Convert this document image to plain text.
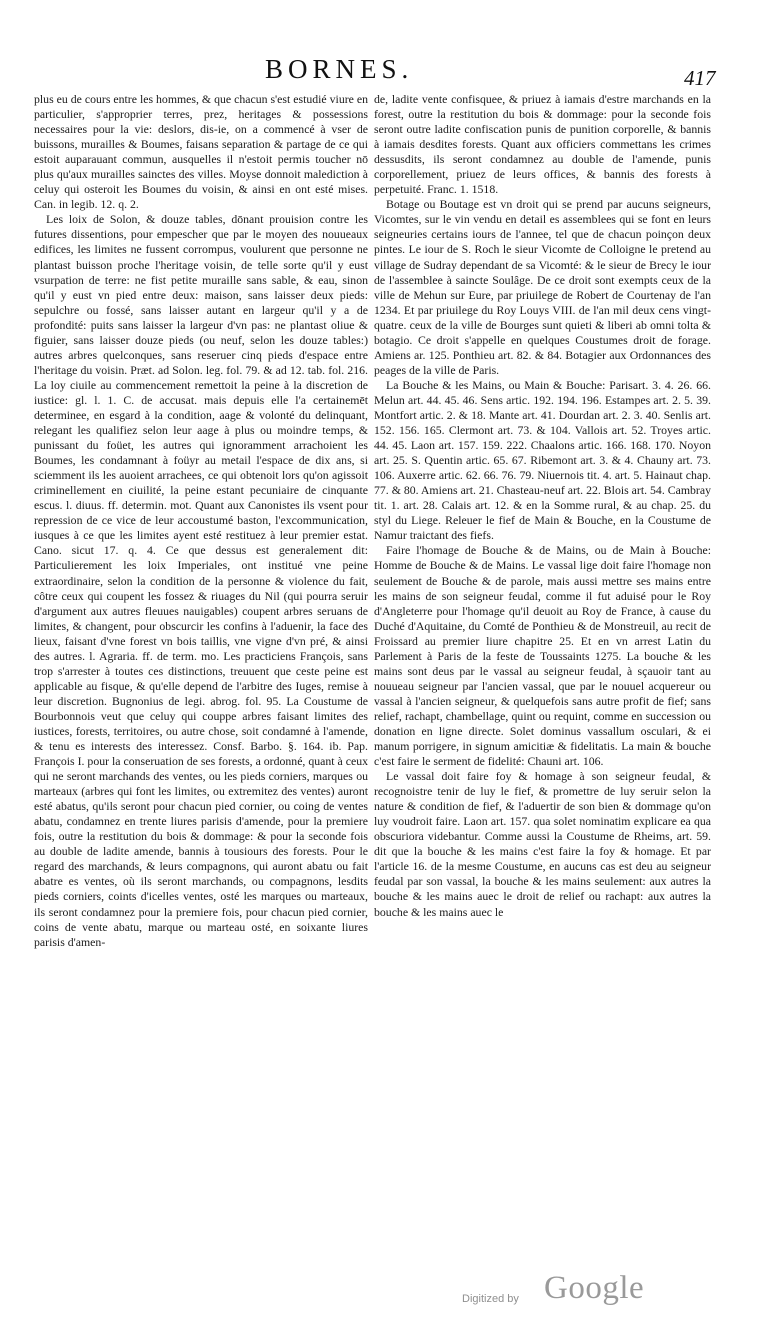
BORNES.	417

plus eu de cours entre les hommes, & que chacun s'est estudié viure en particulier, s'approprier terres, prez, heritages & possessions necessaires pour la vie: deslors, dis-ie, on a commencé à vser de buissons, murailles & Boumes, faisans separation & partage de ce qui estoit auparauant commun, ausquelles il n'estoit permis toucher nō plus qu'aux murailles sainctes des villes. Moyse donnoit malediction à celuy qui osteroit les Boumes du voisin, & ainsi en ont esté mises. Can. in legib. 12. q. 2.

Les loix de Solon, & douze tables, dōnant prouision contre les futures dissentions, pour empescher que par le moyen des nouueaux edifices, les limites ne fussent corrompus, voulurent que personne ne plantast buisson proche l'heritage voisin, de telle sorte qu'il y eust vsurpation de terre: ne fist petite muraille sans sable, & eau, sinon qu'il y eust vn pied entre deux: maison, sans laisser deux pieds: sepulchre ou fossé, sans laisser autant en largeur qu'il y a de profondité: puits sans laisser la largeur d'vn pas: ne plantast oliue & figuier, sans laisser douze pieds (ou neuf, selon les douze tables:) autres arbres quelconques, sans reseruer cinq pieds d'espace entre l'heritage du voisin. Præt. ad Solon. leg. fol. 79. & ad 12. tab. fol. 216. La loy ciuile au commencement remettoit la peine à la discretion de iustice: gl. l. 1. C. de accusat. mais depuis elle l'a certainemēt determinee, en esgard à la condition, aage & volonté du delinquant, relegant les qualifiez selon leur aage à plus ou moindre temps, & punissant du foüet, les autres qui ignoramment arrachoient les Boumes, les condamnant à foüyr au metail l'espace de dix ans, si sciemment ils les auoient arrachees, ce qui obtenoit lors qu'on agissoit criminellement en ciuilité, la peine estant pecuniaire de cinquante escus. l. diuus. ff. determin. mot. Quant aux Canonistes ils vsent pour repression de ce vice de leur accoustumé baston, l'excommunication, iusques à ce que les limites ayent esté restituez à leur premier estat. Cano. sicut 17. q. 4. Ce que dessus est generalement dit: Particulierement les loix Imperiales, ont institué vne peine extraordinaire, selon la condition de la personne & violence du fait, côtre ceux qui coupent les fossez & riuages du Nil (qui pourra seruir d'argument aux autres fleuues nauigables) coupent arbres seruans de limites, & changent, pour obscurcir les confins à l'aduenir, la face des lieux, faisant d'vne forest vn bois taillis, vne vigne d'vn pré, & ainsi des autres. l. Agraria. ff. de term. mo. Les practiciens François, sans trop s'arrester à toutes ces distinctions, treuuent que ceste peine est applicable au fisque, & qu'elle depend de l'arbitre des Iuges, remise à leur discretion. Bugnonius de legi. abrog. fol. 95. La Coustume de Bourbonnois veut que celuy qui couppe arbres faisant limites des iustices, forests, territoires, ou autre chose, soit condamné à l'amende, & tenu es interests des interessez. Consf. Barbo. §. 164. ib. Pap. François I. pour la conseruation de ses forests, a ordonné, quant à ceux qui ne seront marchands des ventes, ou les pieds corniers, marques ou marteaux (arbres qui font les limites, ou extremitez des ventes) auront esté abatus, qu'ils seront pour chacun pied cornier, ou coing de ventes abatu, condamnez en trente liures parisis d'amende, pour la premiere fois, outre la restitution du bois & dommage: & pour la seconde fois au double de ladite amende, bannis à tousiours des forests. Pour le regard des marchands, & leurs compagnons, qui auront abatu ou fait abatre es ventes, où ils seront marchands, ou compagnons, lesdits pieds corniers, coints d'icelles ventes, osté les marques ou marteaux, ils seront condamnez pour la premiere fois, pour chacun pied cornier, coins de vente abatu, marque ou marteau osté, en soixante liures parisis d'amen-

de, ladite vente confisquee, & priuez à iamais d'estre marchands en la forest, outre la restitution du bois & dommage: pour la seconde fois seront outre ladite confiscation punis de punition corporelle, & bannis à iamais desdites forests. Quant aux officiers commettans les crimes dessusdits, ils seront condamnez au double de l'amende, punis corporellement, priuez de leurs offices, & bannis des forests à perpetuité. Franc. 1. 1518.

Botage ou Boutage est vn droit qui se prend par aucuns seigneurs, Vicomtes, sur le vin vendu en detail es assemblees qui se font en leurs seigneuries certains iours de l'annee, tel que de chacun poinçon deux pintes. Le iour de S. Roch le sieur Vicomte de Colloigne le pretend au village de Sudray dependant de sa Vicomté: & le sieur de Brecy le iour de l'assemblee à saincte Soulâge. De ce droit sont exempts ceux de la ville de Mehun sur Eure, par priuilege de Robert de Courtenay de l'an 1234. Et par priuilege du Roy Louys VIII. de l'an mil deux cens vingt-quatre. ceux de la ville de Bourges sunt quieti & liberi ab omni tolta & botagio. Ce droit s'appelle en quelques Coustumes droit de forage. Amiens ar. 125. Ponthieu art. 82. & 84. Botagier aux Ordonnances des peages de la ville de Paris.

La Bouche & les Mains, ou Main & Bouche: Parisart. 3. 4. 26. 66. Melun art. 44. 45. 46. Sens artic. 192. 194. 196. Estampes art. 2. 5. 39. Montfort artic. 2. & 18. Mante art. 41. Dourdan art. 2. 3. 40. Senlis art. 152. 156. 165. Clermont art. 73. & 104. Vallois art. 52. Troyes artic. 44. 45. Laon art. 157. 159. 222. Chaalons artic. 166. 168. 170. Noyon art. 25. S. Quentin artic. 65. 67. Ribemont art. 3. & 4. Chauny art. 73. 106. Auxerre artic. 62. 66. 76. 79. Niuernois tit. 4. art. 5. Hainaut chap. 77. & 80. Amiens art. 21. Chasteau-neuf art. 22. Blois art. 54. Cambray tit. 1. art. 28. Calais art. 12. & en la Somme rural, & au chap. 25. du styl du Liege. Releuer le fief de Main & Bouche, en la Coustume de Namur traictant des fiefs.

Faire l'homage de Bouche & de Mains, ou de Main à Bouche: Homme de Bouche & de Mains. Le vassal lige doit faire l'homage non seulement de Bouche & de parole, mais aussi mettre ses mains entre les mains de son seigneur feudal, comme il fut aduisé pour le Roy d'Angleterre pour l'homage qu'il deuoit au Roy de France, à cause du Duché d'Aquitaine, du Comté de Ponthieu & de Monstreuil, au recit de Froissard au premier liure chapitre 25. Et en vn arrest Latin du Parlement à Paris de la feste de Toussaints 1275. La bouche & les mains sont deus par le vassal au seigneur feudal, à sçauoir tant au nouueau seigneur par l'ancien vassal, que par le nouuel acquereur ou vassal à l'ancien seigneur, & quelquefois sans autre profit de fief; sans relief, rachapt, chambellage, quint ou requint, comme en succession ou donation en ligne directe. Solet dominus vassallum osculari, & ei manum porrigere, in signum amicitiæ & fidelitatis. La main & bouche c'est faire le serment de fidelité: Chauni art. 106.

Le vassal doit faire foy & homage à son seigneur feudal, & recognoistre tenir de luy le fief, & promettre de luy seruir selon la nature & condition de fief, & l'aduertir de son bien & dommage qu'on luy voudroit faire. Laon art. 157. qua solet nominatim explicare ea qua obscuriora videbantur. Comme aussi la Coustume de Rheims, art. 59. dit que la bouche & les mains c'est faire la foy & homage. Et par l'article 16. de la mesme Coustume, en aucuns cas est deu au seigneur feudal par son vassal, la bouche & les mains seulement: aux autres la bouche & les mains auec le droit de relief ou rachapt: aux autres la bouche & les mains auec le

Digitized by Google
